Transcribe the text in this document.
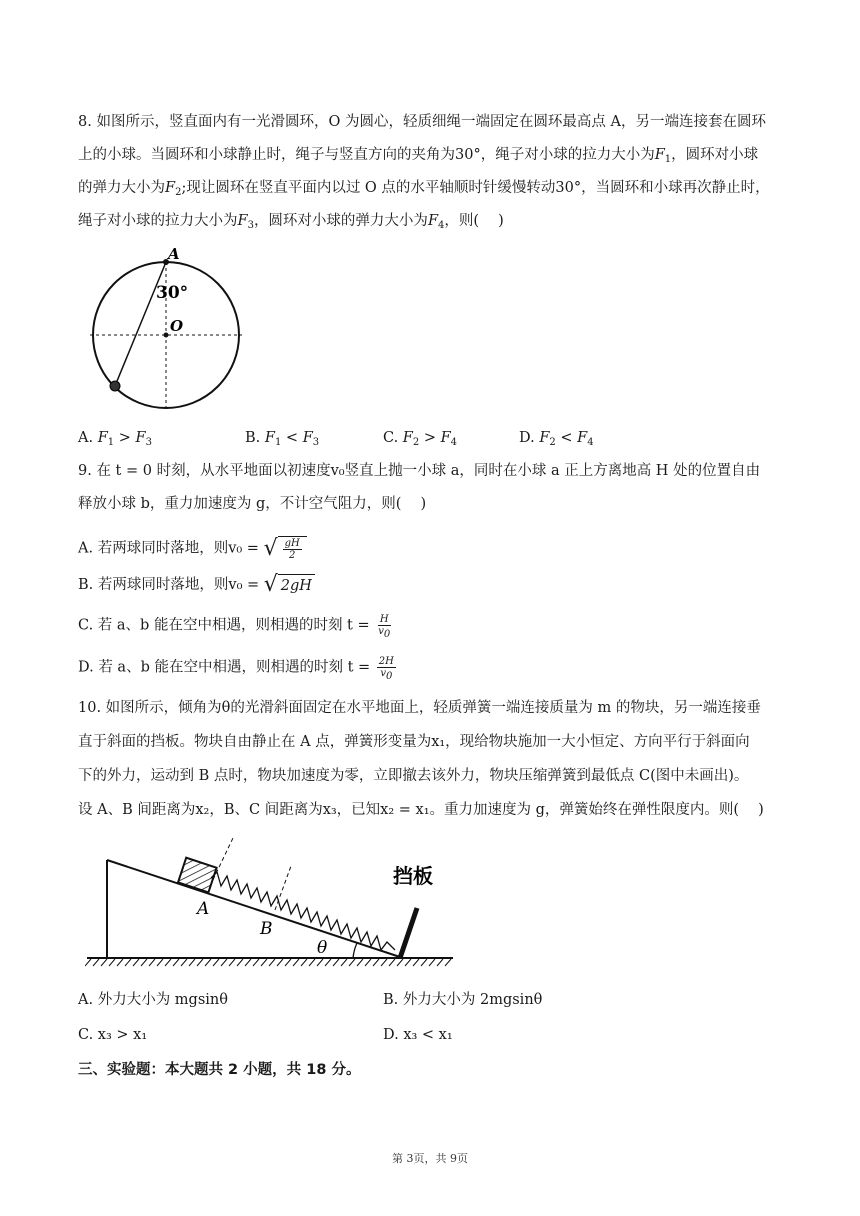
8. 如图所示，竖直面内有一光滑圆环，O 为圆心，轻质细绳一端固定在圆环最高点 A，另一端连接套在圆环
上的小球。当圆环和小球静止时，绳子与竖直方向的夹角为30°，绳子对小球的拉力大小为$F_1$，圆环对小球
的弹力大小为$F_2$;现让圆环在竖直平面内以过 O 点的水平轴顺时针缓慢转动30°，当圆环和小球再次静止时，
绳子对小球的拉力大小为$F_3$，圆环对小球的弹力大小为$F_4$，则(　 )
A
O
30°
A. $F_1 > F_3$	B. $F_1 < F_3$	C. $F_2 > F_4$	D. $F_2 < F_4$
9. 在 t = 0 时刻，从水平地面以初速度v₀竖直上抛一小球 a，同时在小球 a 正上方离地高 H 处的位置自由
释放小球 b，重力加速度为 g，不计空气阻力，则(　 )
A. 若两球同时落地，则v₀ = √ $\frac{gH}{2}$
B. 若两球同时落地，则v₀ = √ 2gH
C. 若 a、b 能在空中相遇，则相遇的时刻 $t = \frac{H}{v_0}$
D. 若 a、b 能在空中相遇，则相遇的时刻 $t = \frac{2H}{v_0}$
10. 如图所示，倾角为θ的光滑斜面固定在水平地面上，轻质弹簧一端连接质量为 m 的物块，另一端连接垂
直于斜面的挡板。物块自由静止在 A 点，弹簧形变量为x₁，现给物块施加一大小恒定、方向平行于斜面向
下的外力，运动到 B 点时，物块加速度为零，立即撤去该外力，物块压缩弹簧到最低点 C(图中未画出)。
设 A、B 间距离为x₂，B、C 间距离为x₃，已知x₂ = x₁。重力加速度为 g，弹簧始终在弹性限度内。则(　 )
A
B
θ
挡板
A. 外力大小为 mgsinθ	B. 外力大小为 2mgsinθ
C. x₃ > x₁	D. x₃ < x₁
三、实验题：本大题共 2 小题，共 18 分。
第 3页，共 9页
